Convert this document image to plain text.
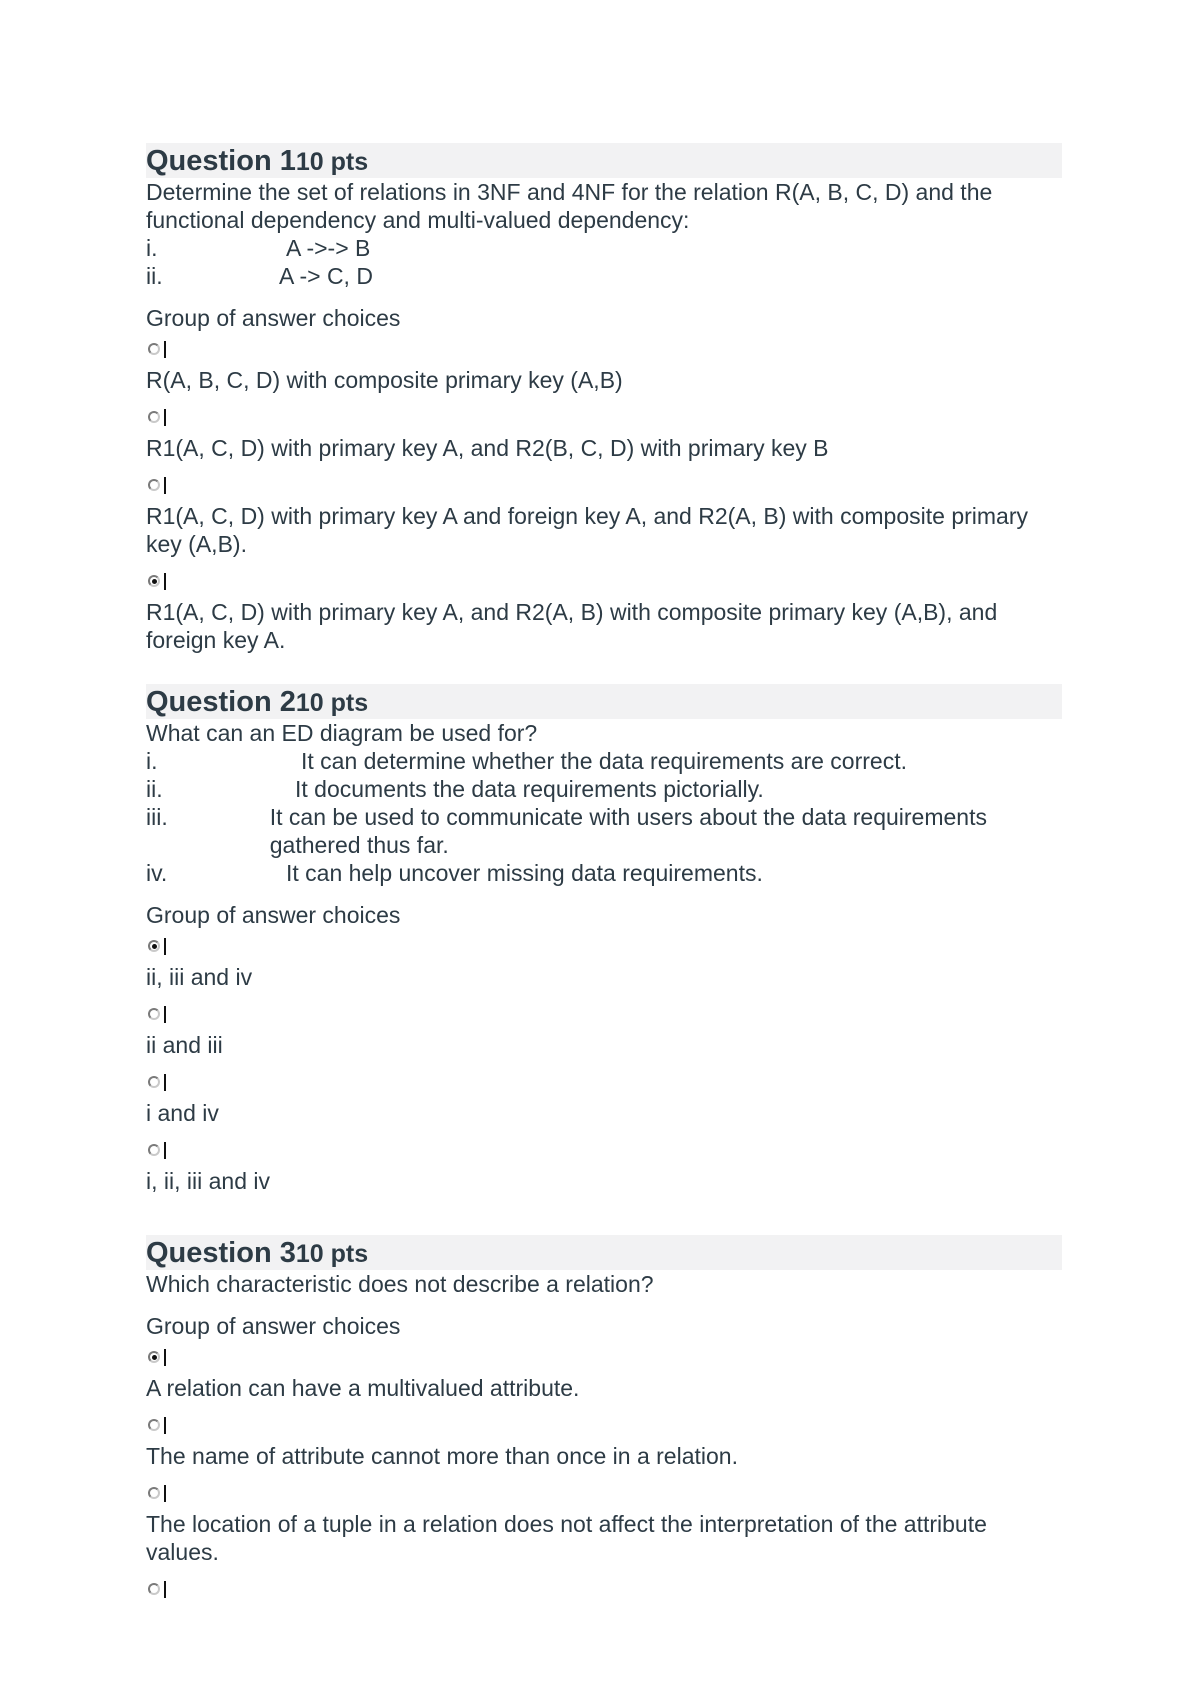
Question 110 pts

Determine the set of relations in 3NF and 4NF for the relation R(A, B, C, D) and the functional dependency and multi-valued dependency:

i.	A ->-> B
ii.	A -> C, D
Group of answer choices
R(A, B, C, D) with composite primary key (A,B)
R1(A, C, D) with primary key A, and R2(B, C, D) with primary key B
R1(A, C, D) with primary key A and foreign key A, and R2(A, B) with composite primary key (A,B).
R1(A, C, D) with primary key A, and R2(A, B) with composite primary key (A,B), and foreign key A.
Question 210 pts

What can an ED diagram be used for?

i.	It can determine whether the data requirements are correct.
ii.	It documents the data requirements pictorially.
iii.	It can be used to communicate with users about the data requirements gathered thus far.
iv.	It can help uncover missing data requirements.
Group of answer choices
ii, iii and iv
ii and iii
i and iv
i, ii, iii and iv
Question 310 pts

Which characteristic does not describe a relation?

Group of answer choices
A relation can have a multivalued attribute.
The name of attribute cannot more than once in a relation.
The location of a tuple in a relation does not affect the interpretation of the attribute values.
